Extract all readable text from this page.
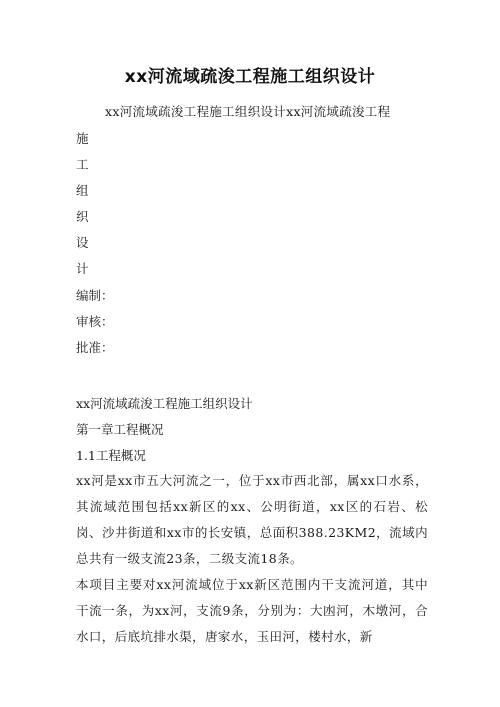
xx河流域疏浚工程施工组织设计
xx河流域疏浚工程施工组织设计xx河流域疏浚工程
施
工
组
织
设
计
编制：
审核：
批准：
xx河流域疏浚工程施工组织设计
第一章工程概况
1.1工程概况
xx河是xx市五大河流之一，位于xx市西北部，属xx口水系，其流域范围包括xx新区的xx、公明街道，xx区的石岩、松岗、沙井街道和xx市的长安镇，总面积388.23KM2，流域内总共有一级支流23条，二级支流18条。
本项目主要对xx河流域位于xx新区范围内干支流河道，其中干流一条，为xx河，支流9条，分别为：大凼河，木墩河，合水口，后底坑排水渠，唐家水，玉田河，楼村水，新
